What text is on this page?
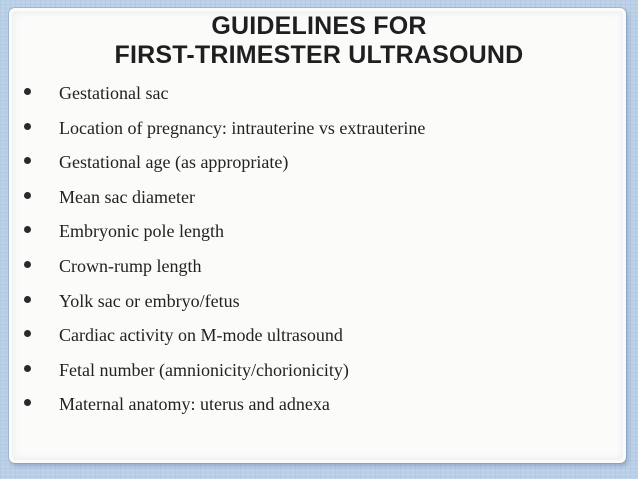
GUIDELINES FOR
FIRST-TRIMESTER ULTRASOUND
Gestational sac
Location of pregnancy: intrauterine vs extrauterine
Gestational age (as appropriate)
Mean sac diameter
Embryonic pole length
Crown-rump length
Yolk sac or embryo/fetus
Cardiac activity on M-mode ultrasound
Fetal number (amnionicity/chorionicity)
Maternal anatomy: uterus and adnexa
